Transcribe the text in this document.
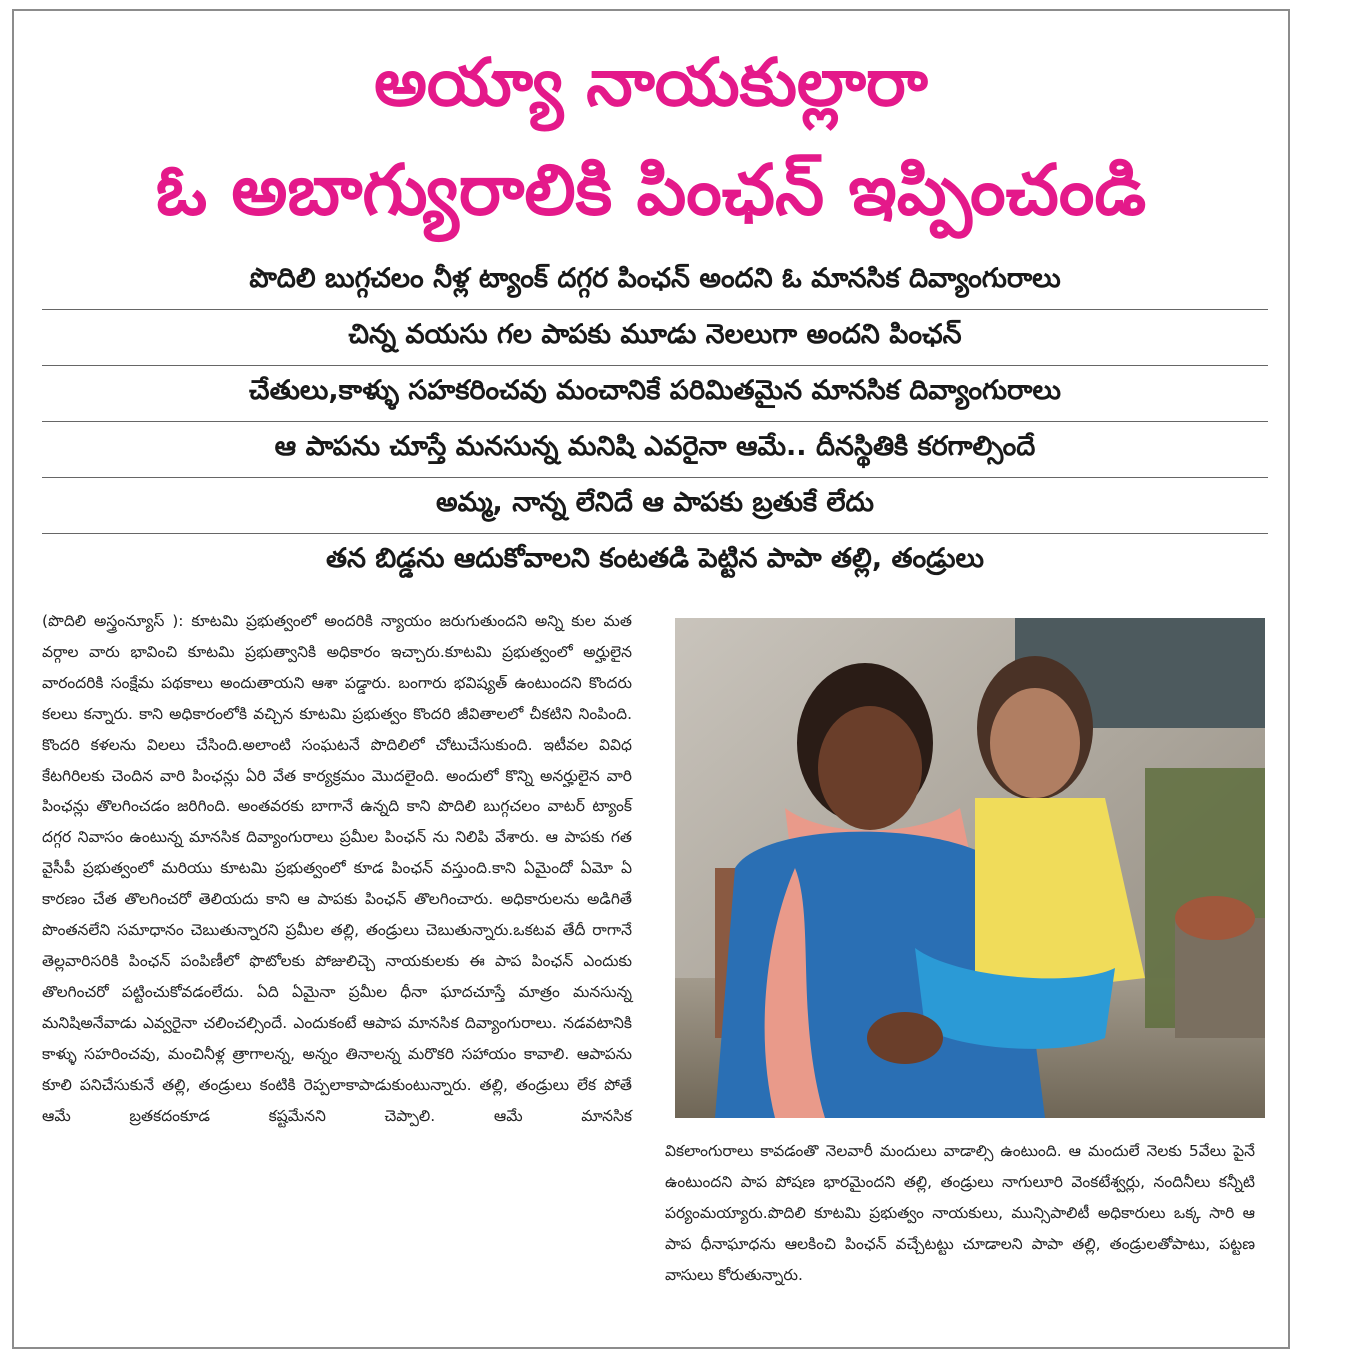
అయ్యా నాయకుల్లారా
ఓ అబాగ్యురాలికి పింఛన్ ఇప్పించండి
పొదిలి బుగ్గచలం నీళ్ల ట్యాంక్ దగ్గర పింఛన్ అందని ఓ మానసిక దివ్యాంగురాలు
చిన్న వయసు గల పాపకు మూడు నెలలుగా అందని పింఛన్
చేతులు,కాళ్ళు సహకరించవు మంచానికే పరిమితమైన మానసిక దివ్యాంగురాలు
ఆ పాపను చూస్తే మనసున్న మనిషి ఎవరైనా ఆమే.. దీనస్థితికి కరగాల్సిందే
అమ్మ, నాన్న లేనిదే ఆ పాపకు బ్రతుకే లేదు
తన బిడ్డను ఆదుకోవాలని కంటతడి పెట్టిన పాపా తల్లి, తండ్రులు

(పొదిలి అస్త్రంన్యూస్ ): కూటమి ప్రభుత్వంలో అందరికి న్యాయం జరుగుతుందని అన్ని కుల మత వర్గాల వారు భావించి కూటమి ప్రభుత్వానికి అధికారం ఇచ్చారు.కూటమి ప్రభుత్వంలో అర్హులైన వారందరికి సంక్షేమ పథకాలు అందుతాయని ఆశా పడ్డారు. బంగారు భవిష్యత్ ఉంటుందని కొందరు కలలు కన్నారు. కాని అధికారంలోకి వచ్చిన కూటమి ప్రభుత్వం కొందరి జీవితాలలో చీకటిని నింపింది. కొందరి కళలను విలలు చేసింది.అలాంటి సంఘటనే పొదిలిలో చోటుచేసుకుంది. ఇటీవల వివిధ కేటగిరిలకు చెందిన వారి పింఛన్లు ఏరి వేత కార్యక్రమం మొదలైంది. అందులో కొన్ని అనర్హులైన వారి పింఛన్లు తొలగించడం జరిగింది. అంతవరకు బాగానే ఉన్నది కాని పొదిలి బుగ్గచలం వాటర్ ట్యాంక్ దగ్గర నివాసం ఉంటున్న మానసిక దివ్యాంగురాలు ప్రమీల పింఛన్ ను నిలిపి వేశారు. ఆ పాపకు గత వైసీపీ ప్రభుత్వంలో మరియు కూటమి ప్రభుత్వంలో కూడ పింఛన్ వస్తుంది.కాని ఏమైందో ఏమో ఏ కారణం చేత తొలగించరో తెలియదు కాని ఆ పాపకు పింఛన్ తొలగించారు. అధికారులను అడిగితే పొంతనలేని సమాధానం చెబుతున్నారని ప్రమీల తల్లి, తండ్రులు చెబుతున్నారు.ఒకటవ తేదీ రాగానే తెల్లవారిసరికి పింఛన్ పంపిణీలో ఫొటోలకు పోజులిచ్చె నాయకులకు ఈ పాప పింఛన్ ఎందుకు తొలగించరో పట్టించుకోవడంలేదు. ఏది ఏమైనా ప్రమీల ధీనా ఘాదచూస్తే మాత్రం మనసున్న మనిషిఅనేవాడు ఎవ్వరైనా చలించల్సిందే. ఎందుకంటే ఆపాప మానసిక దివ్యాంగురాలు. నడవటానికి కాళ్ళు సహరించవు, మంచినీళ్ల త్రాగాలన్న, అన్నం తినాలన్న మరొకరి సహాయం కావాలి. ఆపాపను కూలి పనిచేసుకునే తల్లి, తండ్రులు కంటికి రెప్పలాకాపాడుకుంటున్నారు. తల్లి, తండ్రులు లేక పోతే ఆమే బ్రతకదంకూడ కష్టమేనని చెప్పాలి. ఆమే మానసిక

వికలాంగురాలు కావడంతొ నెలవారీ మందులు వాడాల్సి ఉంటుంది. ఆ మందులే నెలకు 5వేలు పైనే ఉంటుందని పాప పోషణ భారమైందని తల్లి, తండ్రులు నాగులూరి వెంకటేశ్వర్లు, నందినీలు కన్నీటి పర్యంమయ్యారు.పొదిలి కూటమి ప్రభుత్వం నాయకులు, మున్సిపాలిటీ అధికారులు ఒక్క సారి ఆ పాప ధీనాఘాధను ఆలకించి పింఛన్ వచ్చేటట్టు చూడాలని పాపా తల్లి, తండ్రులతోపాటు, పట్టణ వాసులు కోరుతున్నారు.
